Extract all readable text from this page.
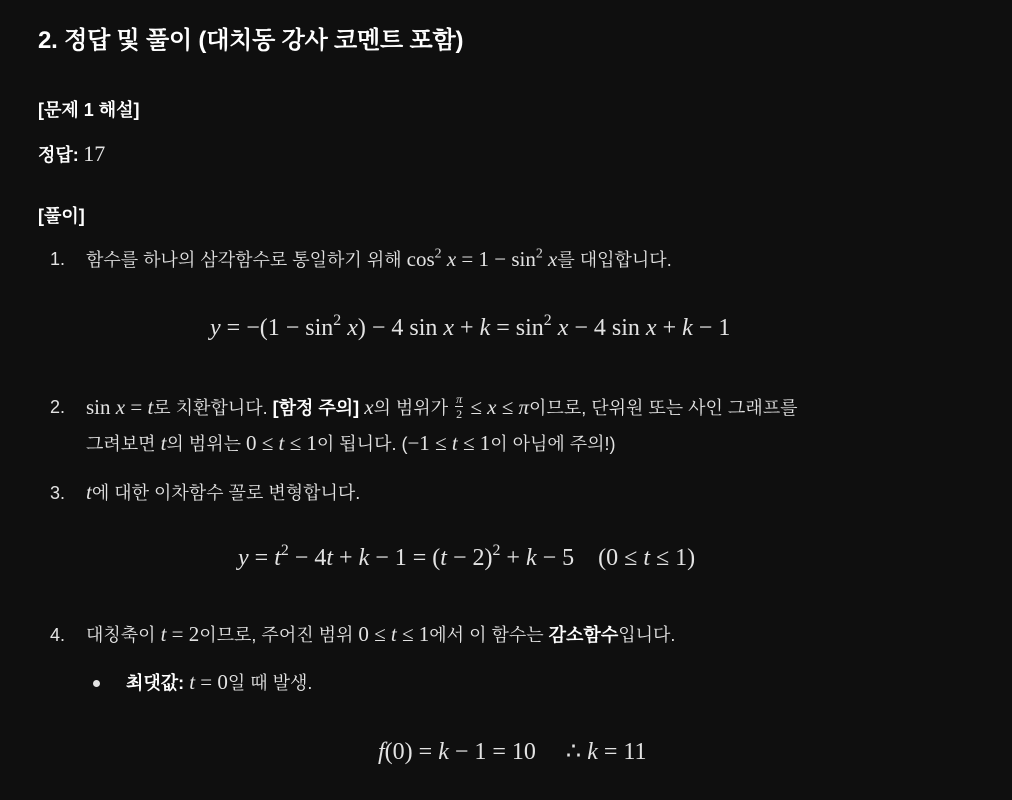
2. 정답 및 풀이 (대치동 강사 코멘트 포함)
[문제 1 해설]
정답: 17
[풀이]
1. 함수를 하나의 삼각함수로 통일하기 위해 $\cos^2 x = 1 - \sin^2 x$를 대입합니다.
$y = -(1 - \sin^2 x) - 4$ $\sin x + k = \sin^2 x - 4$ sin x + k − 1
2. sin x = t로 치환합니다. [함정 주의] x의 범위가 $\frac{\pi}{2} \le x \le \pi$이므로, 단위원 또는 사인 그래프를
그려보면 t의 범위는 0 ≤ t ≤ 1이 됩니다. (−1 ≤ t ≤ 1이 아님에 주의!)
3. t에 대한 이차함수 꼴로 변형합니다.
$y = t^2 - 4t + k - 1 = (t - 2)^2 + k - 5$    (0 ≤ t ≤ 1)
4. 대칭축이 t = 2이므로, 주어진 범위 0 ≤ t ≤ 1에서 이 함수는 감소함수입니다.
최댓값: t = 0일 때 발생.
f(0) = k − 1 = 10     ∴ k = 11
